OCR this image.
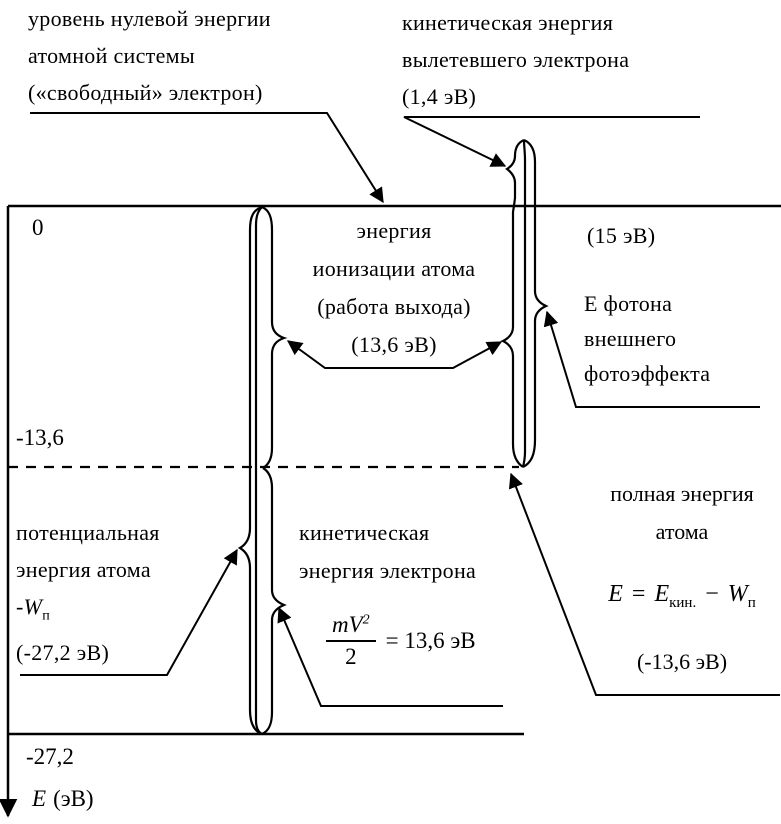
уровень нулевой энергии
атомной системы
(«свободный» электрон)
кинетическая энергия
вылетевшего электрона
(1,4 эВ)
0
-13,6
-27,2
E (эВ)
энергия
ионизации атома
(работа выхода)
(13,6 эВ)
(15 эВ)
Е фотона
внешнего
фотоэффекта
потенциальная
энергия атома
$-W_п$
(-27,2 эВ)
кинетическая
энергия электрона
$\frac{mV^2}{2} = 13,6$ эВ
полная энергия
атома
$E = E_{кин.} - W_п$
(-13,6 эВ)
